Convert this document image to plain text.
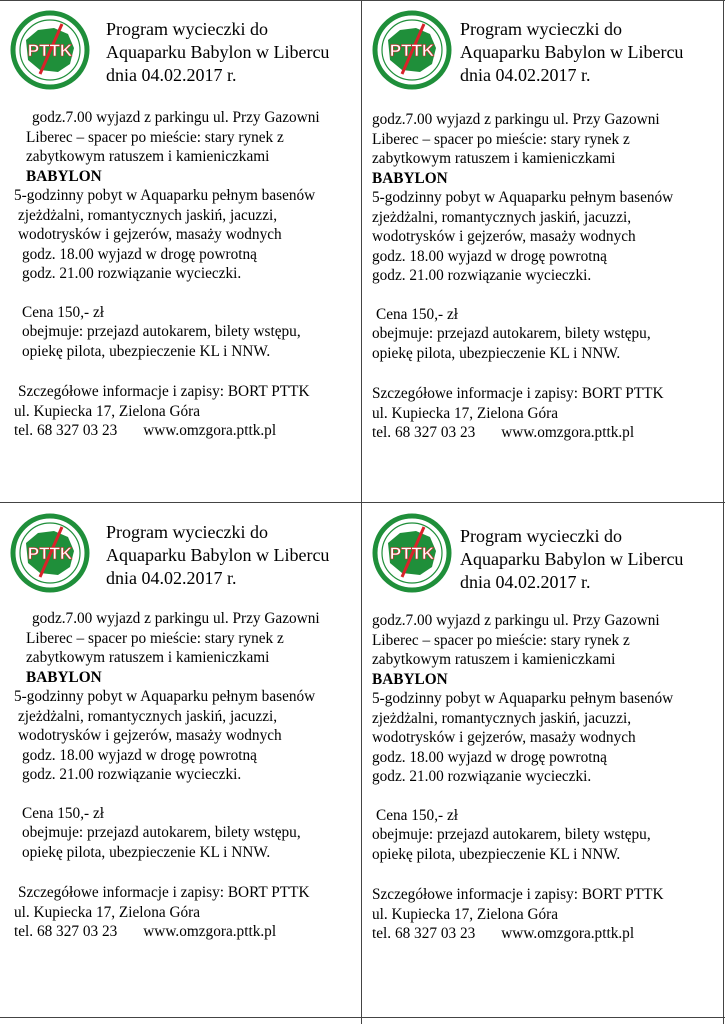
PTTK
Program wycieczki do
Aquaparku Babylon w Libercu
dnia 04.02.2017 r.
godz.7.00 wyjazd z parkingu ul. Przy Gazowni
Liberec – spacer po mieście: stary rynek z
zabytkowym ratuszem i kamieniczkami
BABYLON
5-godzinny pobyt w Aquaparku pełnym basenów
zjeżdżalni, romantycznych jaskiń, jacuzzi,
wodotrysków i gejzerów, masaży wodnych
godz. 18.00 wyjazd w drogę powrotną
godz. 21.00 rozwiązanie wycieczki.
Cena 150,- zł
obejmuje: przejazd autokarem, bilety wstępu,
opiekę pilota, ubezpieczenie KL i NNW.
Szczegółowe informacje i zapisy: BORT PTTK
ul. Kupiecka 17, Zielona Góra
tel. 68 327 03 23 www.omzgora.pttk.pl
PTTK
Program wycieczki do
Aquaparku Babylon w Libercu
dnia 04.02.2017 r.
godz.7.00 wyjazd z parkingu ul. Przy Gazowni
Liberec – spacer po mieście: stary rynek z
zabytkowym ratuszem i kamieniczkami
BABYLON
5-godzinny pobyt w Aquaparku pełnym basenów
zjeżdżalni, romantycznych jaskiń, jacuzzi,
wodotrysków i gejzerów, masaży wodnych
godz. 18.00 wyjazd w drogę powrotną
godz. 21.00 rozwiązanie wycieczki.
Cena 150,- zł
obejmuje: przejazd autokarem, bilety wstępu,
opiekę pilota, ubezpieczenie KL i NNW.
Szczegółowe informacje i zapisy: BORT PTTK
ul. Kupiecka 17, Zielona Góra
tel. 68 327 03 23 www.omzgora.pttk.pl
PTTK
Program wycieczki do
Aquaparku Babylon w Libercu
dnia 04.02.2017 r.
godz.7.00 wyjazd z parkingu ul. Przy Gazowni
Liberec – spacer po mieście: stary rynek z
zabytkowym ratuszem i kamieniczkami
BABYLON
5-godzinny pobyt w Aquaparku pełnym basenów
zjeżdżalni, romantycznych jaskiń, jacuzzi,
wodotrysków i gejzerów, masaży wodnych
godz. 18.00 wyjazd w drogę powrotną
godz. 21.00 rozwiązanie wycieczki.
Cena 150,- zł
obejmuje: przejazd autokarem, bilety wstępu,
opiekę pilota, ubezpieczenie KL i NNW.
Szczegółowe informacje i zapisy: BORT PTTK
ul. Kupiecka 17, Zielona Góra
tel. 68 327 03 23 www.omzgora.pttk.pl
PTTK
Program wycieczki do
Aquaparku Babylon w Libercu
dnia 04.02.2017 r.
godz.7.00 wyjazd z parkingu ul. Przy Gazowni
Liberec – spacer po mieście: stary rynek z
zabytkowym ratuszem i kamieniczkami
BABYLON
5-godzinny pobyt w Aquaparku pełnym basenów
zjeżdżalni, romantycznych jaskiń, jacuzzi,
wodotrysków i gejzerów, masaży wodnych
godz. 18.00 wyjazd w drogę powrotną
godz. 21.00 rozwiązanie wycieczki.
Cena 150,- zł
obejmuje: przejazd autokarem, bilety wstępu,
opiekę pilota, ubezpieczenie KL i NNW.
Szczegółowe informacje i zapisy: BORT PTTK
ul. Kupiecka 17, Zielona Góra
tel. 68 327 03 23 www.omzgora.pttk.pl
